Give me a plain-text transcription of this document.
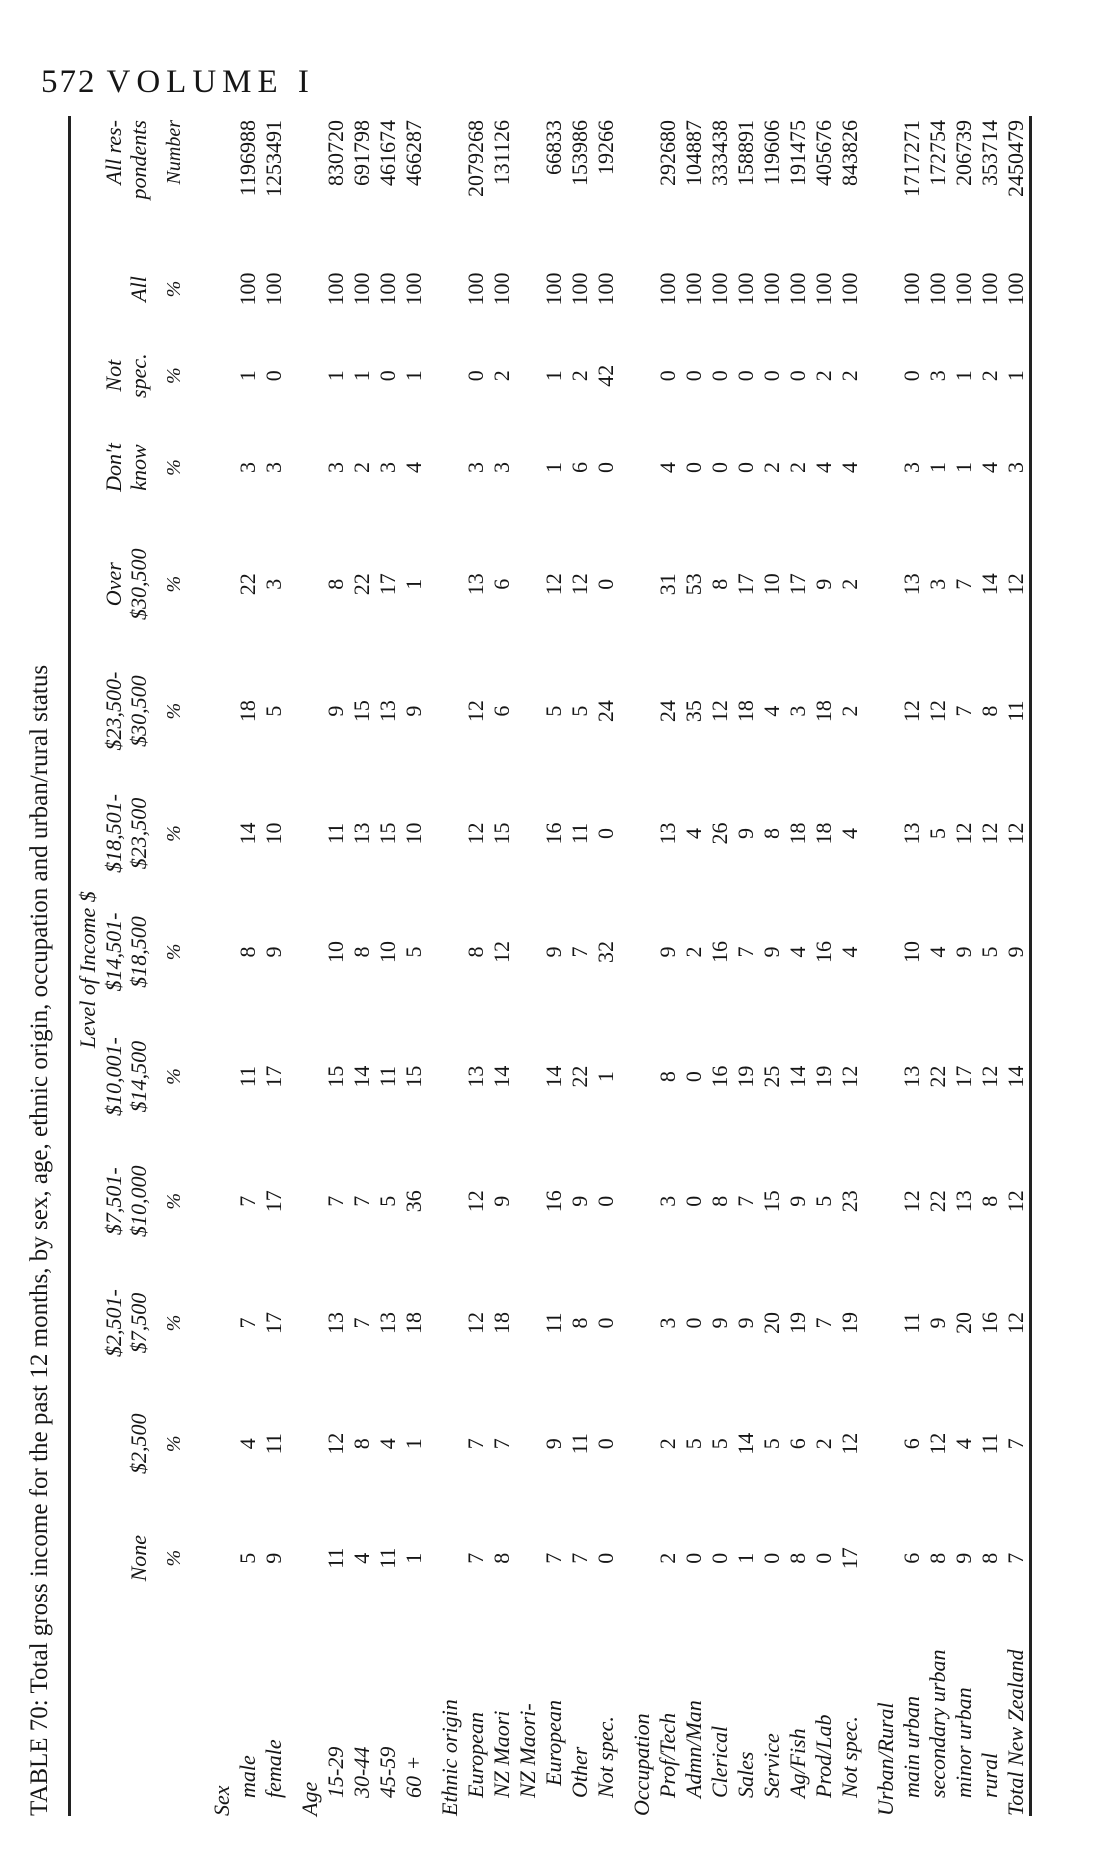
572 VOLUME I
TABLE 70: Total gross income for the past 12 months, by sex, age, ethnic origin, occupation and urban/rural status
	Level of Income $												
			$2,501-	$7,501-	$10,001-	$14,501-	$18,501-	$23,500-	Over	Don't	Not		All res-
	None	$2,500	$7,500	$10,000	$14,500	$18,500	$23,500	$30,500	$30,500	know	spec.	All	pondents
	%	%	%	%	%	%	%	%	%	%	%	%	Number
Sex													
male	5	4	7	7	11	8	14	18	22	3	1	100	1196988
female	9	11	17	17	17	9	10	5	3	3	0	100	1253491
Age													
15-29	11	12	13	7	15	10	11	9	8	3	1	100	830720
30-44	4	8	7	7	14	8	13	15	22	2	1	100	691798
45-59	11	4	13	5	11	10	15	13	17	3	0	100	461674
60 +	1	1	18	36	15	5	10	9	1	4	1	100	466287
Ethnic origin													
European	7	7	12	12	13	8	12	12	13	3	0	100	2079268
NZ Maori	8	7	18	9	14	12	15	6	6	3	2	100	131126
NZ Maori-													
European	7	9	11	16	14	9	16	5	12	1	1	100	66833
Other	7	11	8	9	22	7	11	5	12	6	2	100	153986
Not spec.	0	0	0	0	1	32	0	24	0	0	42	100	19266
Occupation													
Prof/Tech	2	2	3	3	8	9	13	24	31	4	0	100	292680
Admn/Man	0	5	0	0	0	2	4	35	53	0	0	100	104887
Clerical	0	5	9	8	16	16	26	12	8	0	0	100	333438
Sales	1	14	9	7	19	7	9	18	17	0	0	100	158891
Service	0	5	20	15	25	9	8	4	10	2	0	100	119606
Ag/Fish	8	6	19	9	14	4	18	3	17	2	0	100	191475
Prod/Lab	0	2	7	5	19	16	18	18	9	4	2	100	405676
Not spec.	17	12	19	23	12	4	4	2	2	4	2	100	843826
Urban/Rural													
main urban	6	6	11	12	13	10	13	12	13	3	0	100	1717271
secondary urban	8	12	9	22	22	4	5	12	3	1	3	100	172754
minor urban	9	4	20	13	17	9	12	7	7	1	1	100	206739
rural	8	11	16	8	12	5	12	8	14	4	2	100	353714
Total New Zealand	7	7	12	12	14	9	12	11	12	3	1	100	2450479
